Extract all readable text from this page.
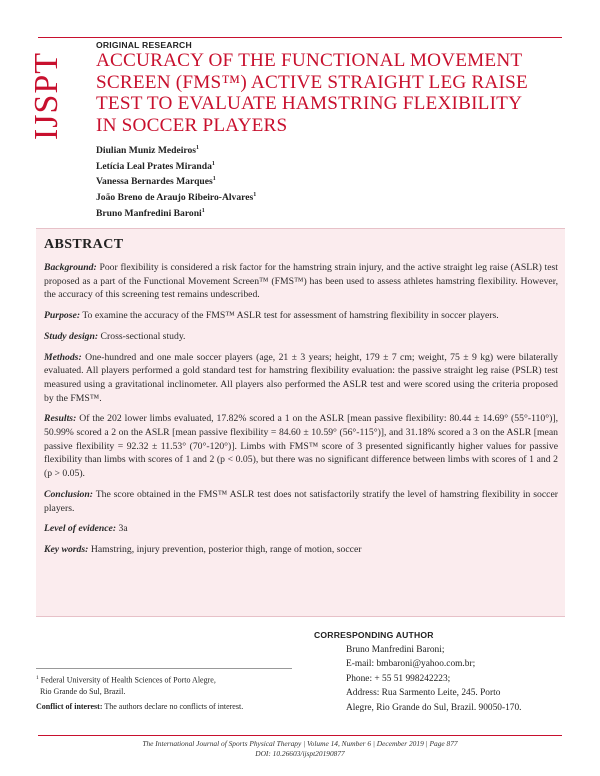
IJSPT
ORIGINAL RESEARCH
ACCURACY OF THE FUNCTIONAL MOVEMENT
SCREEN (FMS™) ACTIVE STRAIGHT LEG RAISE
TEST TO EVALUATE HAMSTRING FLEXIBILITY
IN SOCCER PLAYERS
Diulian Muniz Medeiros$^1$
Letícia Leal Prates Miranda$^1$
Vanessa Bernardes Marques$^1$
João Breno de Araujo Ribeiro-Alvares$^1$
Bruno Manfredini Baroni$^1$
ABSTRACT

Background: Poor flexibility is considered a risk factor for the hamstring strain injury, and the active straight leg raise (ASLR) test proposed as a part of the Functional Movement Screen™ (FMS™) has been used to assess athletes hamstring flexibility. However, the accuracy of this screening test remains undescribed.

Purpose: To examine the accuracy of the FMS™ ASLR test for assessment of hamstring flexibility in soccer players.

Study design: Cross-sectional study.

Methods: One-hundred and one male soccer players (age, 21 ± 3 years; height, 179 ± 7 cm; weight, 75 ± 9 kg) were bilaterally evaluated. All players performed a gold standard test for hamstring flexibility evaluation: the passive straight leg raise (PSLR) test measured using a gravitational inclinometer. All players also performed the ASLR test and were scored using the criteria proposed by the FMS™.

Results: Of the 202 lower limbs evaluated, 17.82% scored a 1 on the ASLR [mean passive flexibility: 80.44 ± 14.69° (55°-110°)], 50.99% scored a 2 on the ASLR [mean passive flexibility = 84.60 ± 10.59° (56°-115°)], and 31.18% scored a 3 on the ASLR [mean passive flexibility = 92.32 ± 11.53° (70°-120°)]. Limbs with FMS™ score of 3 presented significantly higher values for passive flexibility than limbs with scores of 1 and 2 (p < 0.05), but there was no significant difference between limbs with scores of 1 and 2 (p > 0.05).

Conclusion: The score obtained in the FMS™ ASLR test does not satisfactorily stratify the level of hamstring flexibility in soccer players.

Level of evidence: 3a

Key words: Hamstring, injury prevention, posterior thigh, range of motion, soccer

CORRESPONDING AUTHOR
Bruno Manfredini Baroni;
E-mail: bmbaroni@yahoo.com.br;
Phone: + 55 51 998242223;
Address: Rua Sarmento Leite, 245. Porto
Alegre, Rio Grande do Sul, Brazil. 90050-170.
$^1$ Federal University of Health Sciences of Porto Alegre,
Rio Grande do Sul, Brazil.
Conflict of interest: The authors declare no conflicts of interest.
The International Journal of Sports Physical Therapy | Volume 14, Number 6 | December 2019 | Page 877
DOI: 10.26603/ijspt20190877
